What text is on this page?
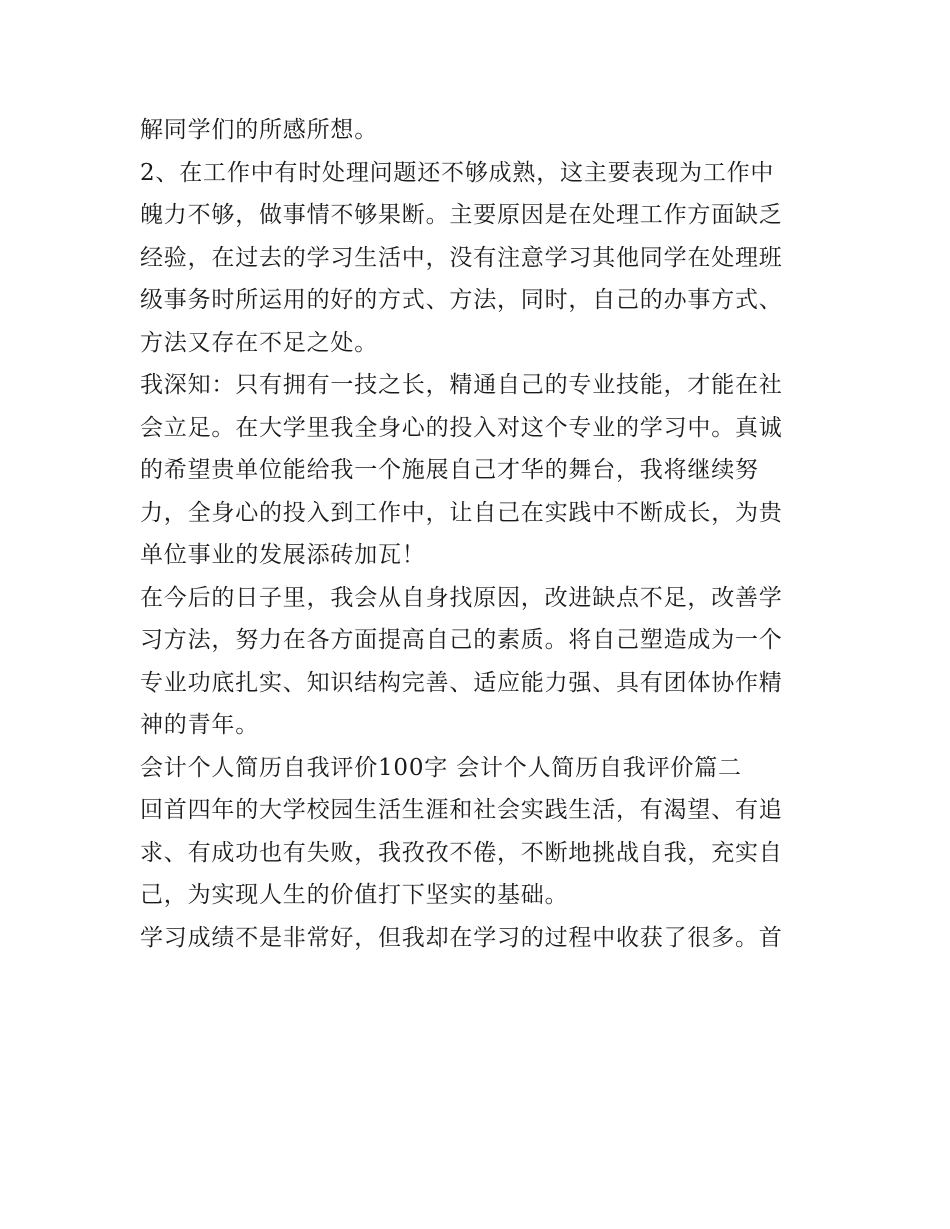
解同学们的所感所想。
2、在工作中有时处理问题还不够成熟，这主要表现为工作中
魄力不够，做事情不够果断。主要原因是在处理工作方面缺乏
经验，在过去的学习生活中，没有注意学习其他同学在处理班
级事务时所运用的好的方式、方法，同时，自己的办事方式、
方法又存在不足之处。
我深知：只有拥有一技之长，精通自己的专业技能，才能在社
会立足。在大学里我全身心的投入对这个专业的学习中。真诚
的希望贵单位能给我一个施展自己才华的舞台，我将继续努
力，全身心的投入到工作中，让自己在实践中不断成长，为贵
单位事业的发展添砖加瓦！
在今后的日子里，我会从自身找原因，改进缺点不足，改善学
习方法，努力在各方面提高自己的素质。将自己塑造成为一个
专业功底扎实、知识结构完善、适应能力强、具有团体协作精
神的青年。
会计个人简历自我评价100字 会计个人简历自我评价篇二
回首四年的大学校园生活生涯和社会实践生活，有渴望、有追
求、有成功也有失败，我孜孜不倦，不断地挑战自我，充实自
己，为实现人生的价值打下坚实的基础。
学习成绩不是非常好，但我却在学习的过程中收获了很多。首
